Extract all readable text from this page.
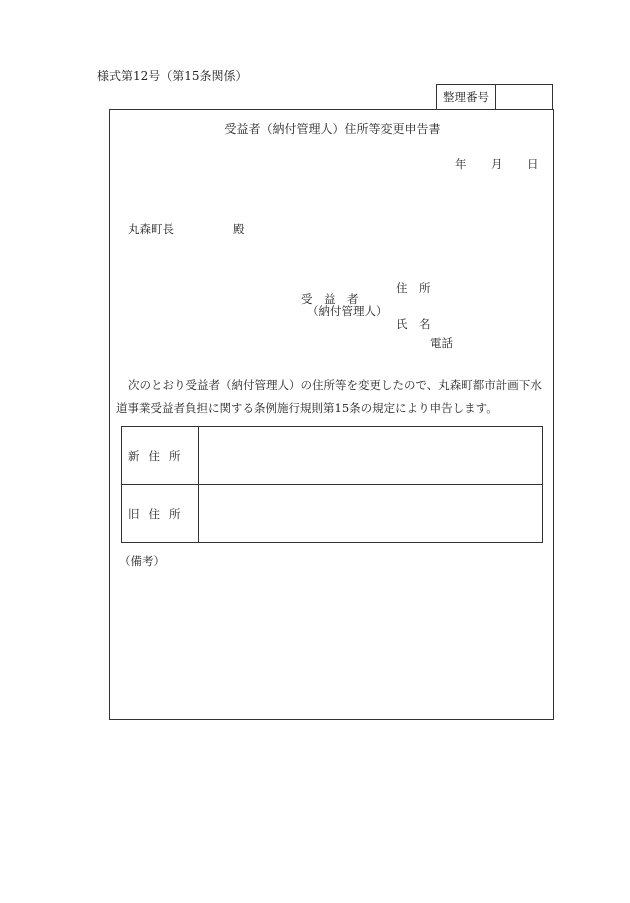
様式第12号（第15条関係）
整理番号
受益者（納付管理人）住所等変更申告書
年 月 日
丸森町長	殿
住　所
受　益　者
（納付管理人）
氏　名
電話
次のとおり受益者（納付管理人）の住所等を変更したので、丸森町都市計画下水道事業受益者負担に関する条例施行規則第15条の規定により申告します。
新住所	
旧住所	
（備考）
